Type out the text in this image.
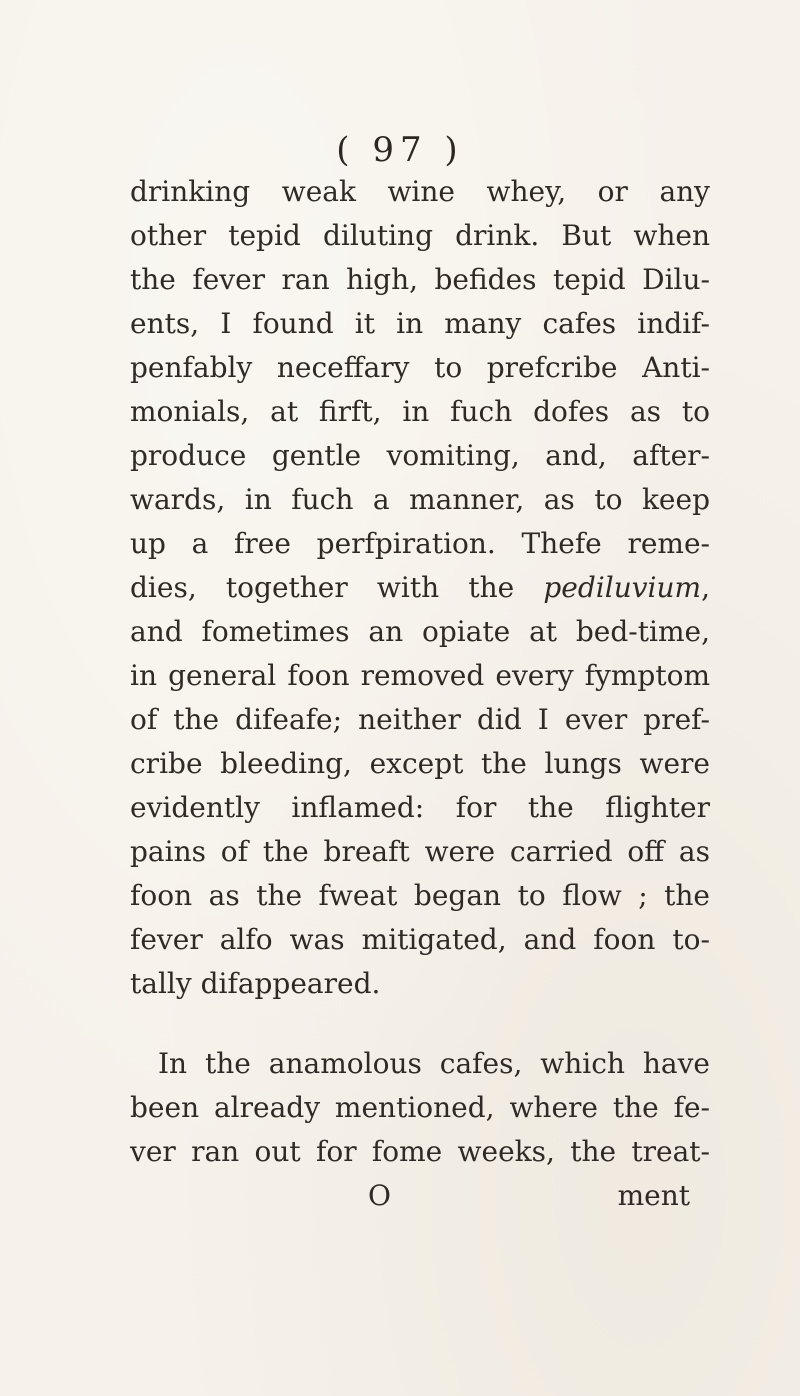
( 97 )
drinking weak wine whey, or any
other tepid diluting drink. But when
the fever ran high, befides tepid Dilu-
ents, I found it in many cafes indif-
penfably neceffary to prefcribe Anti-
monials, at firft, in fuch dofes as to
produce gentle vomiting, and, after-
wards, in fuch a manner, as to keep
up a free perfpiration. Thefe reme-
dies, together with the pediluvium,
and fometimes an opiate at bed-time,
in general foon removed every fymptom
of the difeafe; neither did I ever pref-
cribe bleeding, except the lungs were
evidently inflamed: for the flighter
pains of the breaft were carried off as
foon as the fweat began to flow ; the
fever alfo was mitigated, and foon to-
tally difappeared.
In the anamolous cafes, which have
been already mentioned, where the fe-
ver ran out for fome weeks, the treat-
O	ment
